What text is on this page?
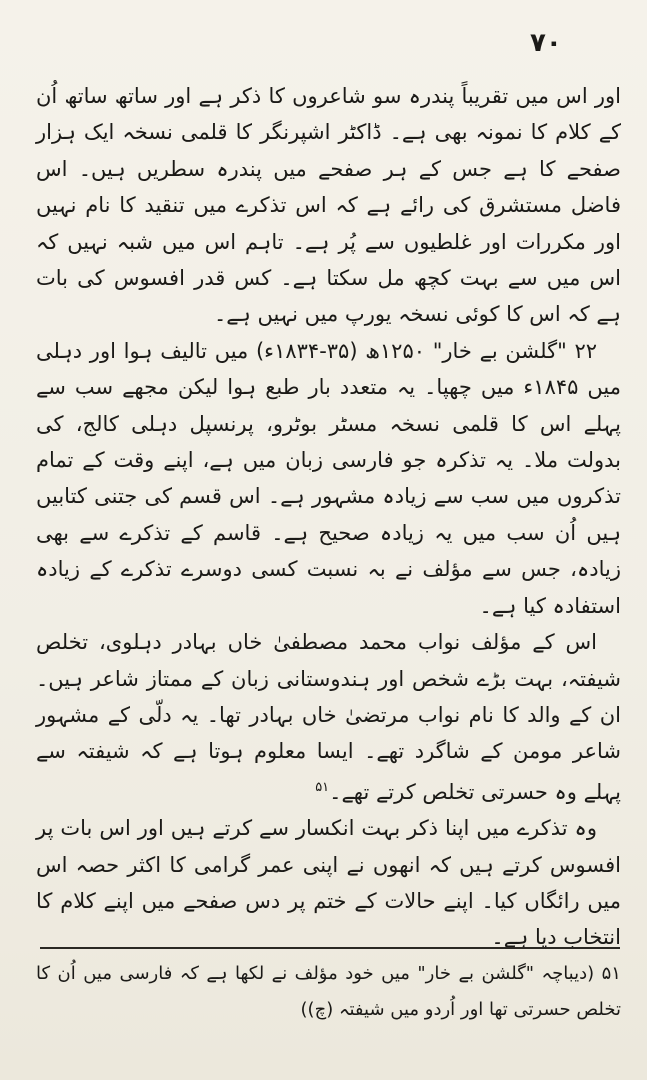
۷۰

اور اس میں تقریباً پندرہ سو شاعروں کا ذکر ہے اور ساتھ ساتھ اُن کے کلام کا نمونہ بھی ہے۔ ڈاکٹر اشپرنگر کا قلمی نسخہ ایک ہزار صفحے کا ہے جس کے ہر صفحے میں پندرہ سطریں ہیں۔ اس فاضل مستشرق کی رائے ہے کہ اس تذکرے میں تنقید کا نام نہیں اور مکررات اور غلطیوں سے پُر ہے۔ تاہم اس میں شبہ نہیں کہ اس میں سے بہت کچھ مل سکتا ہے۔ کس قدر افسوس کی بات ہے کہ اس کا کوئی نسخہ یورپ میں نہیں ہے۔

۲۲ "گلشن بے خار" ۱۲۵۰ھ (۳۵-۱۸۳۴ء) میں تالیف ہوا اور دہلی میں ۱۸۴۵ء میں چھپا۔ یہ متعدد بار طبع ہوا لیکن مجھے سب سے پہلے اس کا قلمی نسخہ مسٹر بوٹرو، پرنسپل دہلی کالج، کی بدولت ملا۔ یہ تذکرہ جو فارسی زبان میں ہے، اپنے وقت کے تمام تذکروں میں سب سے زیادہ مشہور ہے۔ اس قسم کی جتنی کتابیں ہیں اُن سب میں یہ زیادہ صحیح ہے۔ قاسم کے تذکرے سے بھی زیادہ، جس سے مؤلف نے بہ نسبت کسی دوسرے تذکرے کے زیادہ استفادہ کیا ہے۔

اس کے مؤلف نواب محمد مصطفیٰ خاں بہادر دہلوی، تخلص شیفتہ، بہت بڑے شخص اور ہندوستانی زبان کے ممتاز شاعر ہیں۔ ان کے والد کا نام نواب مرتضیٰ خاں بہادر تھا۔ یہ دلّی کے مشہور شاعر مومن کے شاگرد تھے۔ ایسا معلوم ہوتا ہے کہ شیفتہ سے پہلے وہ حسرتی تخلص کرتے تھے۔$^{۵۱}$

وہ تذکرے میں اپنا ذکر بہت انکسار سے کرتے ہیں اور اس بات پر افسوس کرتے ہیں کہ انھوں نے اپنی عمر گرامی کا اکثر حصہ اس میں رائگاں کیا۔ اپنے حالات کے ختم پر دس صفحے میں اپنے کلام کا انتخاب دیا ہے۔

۵۱ (دیباچہ "گلشن بے خار" میں خود مؤلف نے لکھا ہے کہ فارسی میں اُن کا تخلص حسرتی تھا اور اُردو میں شیفتہ (چ))
